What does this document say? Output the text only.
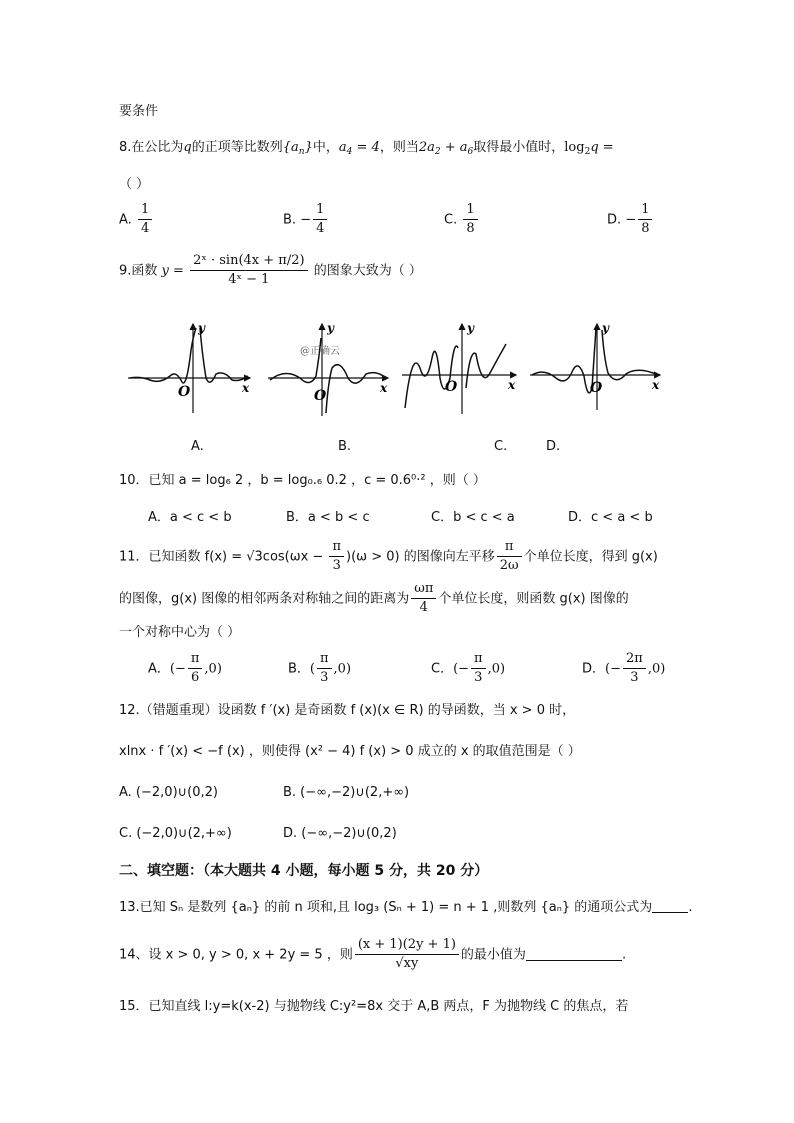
要条件
8.在公比为q的正项等比数列$\{a_n\}$中，$a_4 = 4$，则当$2a_2 + a_6$取得最小值时，$\log_2q$ =
（ ）
A. $\frac{1}{4}$	B. − $\frac{1}{4}$	C. $\frac{1}{8}$	D. − $\frac{1}{8}$
9.函数 $y = \frac{\text{2ˣ · sin(4x + π/2)}}{\text{4ˣ − 1}}$ 的图象大致为（ ）
y
x
O
y
x
O
@正确云
y
x
O
y
x
O
A.	B.	C.	D.
10．已知 a = log₆ 2 ，b = log₀.₆ 0.2 ，c = 0.6⁰·² ，则（ ）
A．a < c < b	B．a < b < c	C．b < c < a	D．c < a < b
11．已知函数 $f(x) = √3\cos(\omega x - \frac{\pi}{3} )(\omega > 0)$ 的图像向左平移 $\frac{\pi}{2\omega}$ 个单位长度，得到 g(x)
的图像，g(x) 图像的相邻两条对称轴之间的距离为 $\frac{\omega\pi}{4}$ 个单位长度，则函数 g(x) 图像的
一个对称中心为（ ）
A．(− $\frac{\pi}{6} ,0$)	B．( $\frac{\pi}{3} ,0$)	C．(− $\frac{\pi}{3} ,0$)	D．(− $\frac{2\pi}{3} ,0$)
12.（错题重现）设函数 f ′(x) 是奇函数 f (x)(x ∈ R) 的导函数，当 x > 0 时，
xlnx · f ′(x) < −f (x) ，则使得 (x² − 4) f (x) > 0 成立的 x 的取值范围是（ ）
A. (−2,0)∪(0,2)	B. (−∞,−2)∪(2,+∞)
C. (−2,0)∪(2,+∞)	D. (−∞,−2)∪(0,2)
二、填空题：（本大题共 4 小题，每小题 5 分，共 20 分）
13.已知 Sₙ 是数列 {aₙ} 的前 n 项和,且 log₃ (Sₙ + 1) = n + 1 ,则数列 {aₙ} 的通项公式为	.
14、设 x > 0, y > 0, x + 2y = 5 ，则 $\frac{(x + 1)(2y + 1)}{√xy}$ 的最小值为	.
15．已知直线 l:y=k(x-2) 与抛物线 C:y²=8x 交于 A,B 两点，F 为抛物线 C 的焦点，若
